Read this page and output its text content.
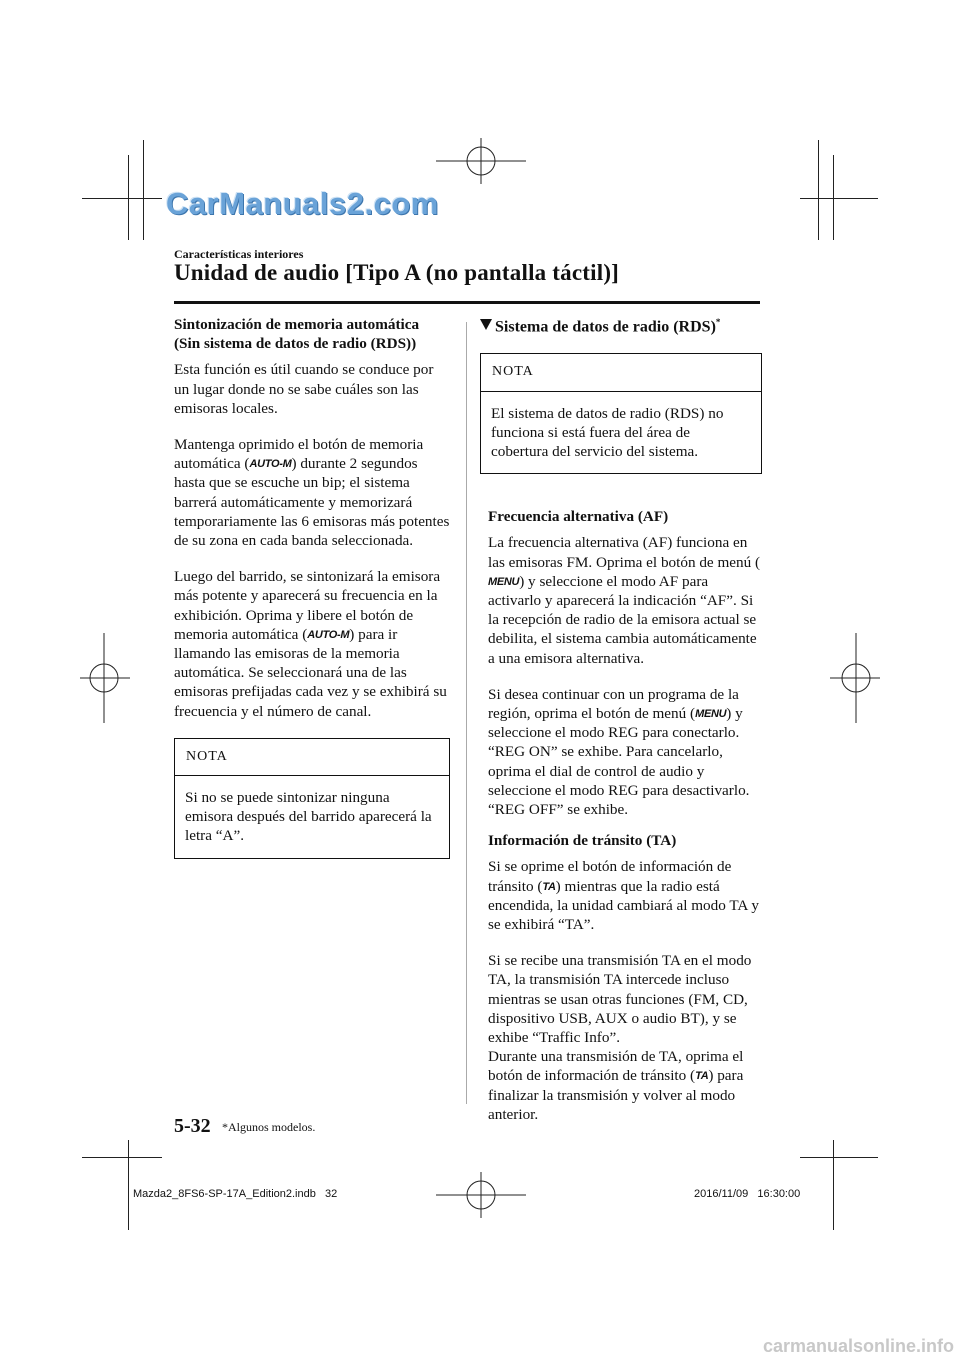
CarManuals2.com
Características interiores
Unidad de audio [Tipo A (no pantalla táctil)]
Sintonización de memoria automática
(Sin sistema de datos de radio (RDS))

Esta función es útil cuando se conduce por un lugar donde no se sabe cuáles son las emisoras locales.

Mantenga oprimido el botón de memoria automática (AUTO-M) durante 2 segundos hasta que se escuche un bip; el sistema barrerá automáticamente y memorizará temporariamente las 6 emisoras más potentes de su zona en cada banda seleccionada.

Luego del barrido, se sintonizará la emisora más potente y aparecerá su frecuencia en la exhibición. Oprima y libere el botón de memoria automática (AUTO-M) para ir llamando las emisoras de la memoria automática. Se seleccionará una de las emisoras prefijadas cada vez y se exhibirá su frecuencia y el número de canal.

NOTA

Si no se puede sintonizar ninguna emisora después del barrido aparecerá la letra “A”.

Sistema de datos de radio (RDS)*
NOTA

El sistema de datos de radio (RDS) no funciona si está fuera del área de cobertura del servicio del sistema.

Frecuencia alternativa (AF)

La frecuencia alternativa (AF) funciona en las emisoras FM. Oprima el botón de menú (MENU) y seleccione el modo AF para activarlo y aparecerá la indicación “AF”. Si la recepción de radio de la emisora actual se debilita, el sistema cambia automáticamente a una emisora alternativa.

Si desea continuar con un programa de la región, oprima el botón de menú (MENU) y seleccione el modo REG para conectarlo. “REG ON” se exhibe. Para cancelarlo, oprima el dial de control de audio y seleccione el modo REG para desactivarlo. “REG OFF” se exhibe.

Información de tránsito (TA)

Si se oprime el botón de información de tránsito (TA) mientras que la radio está encendida, la unidad cambiará al modo TA y se exhibirá “TA”.

Si se recibe una transmisión TA en el modo TA, la transmisión TA intercede incluso mientras se usan otras funciones (FM, CD, dispositivo USB, AUX o audio BT), y se exhibe “Traffic Info”.

Durante una transmisión de TA, oprima el botón de información de tránsito (TA) para finalizar la transmisión y volver al modo anterior.

5-32 *Algunos modelos.
Mazda2_8FS6-SP-17A_Edition2.indb   32	2016/11/09   16:30:00
carmanualsonline.info
